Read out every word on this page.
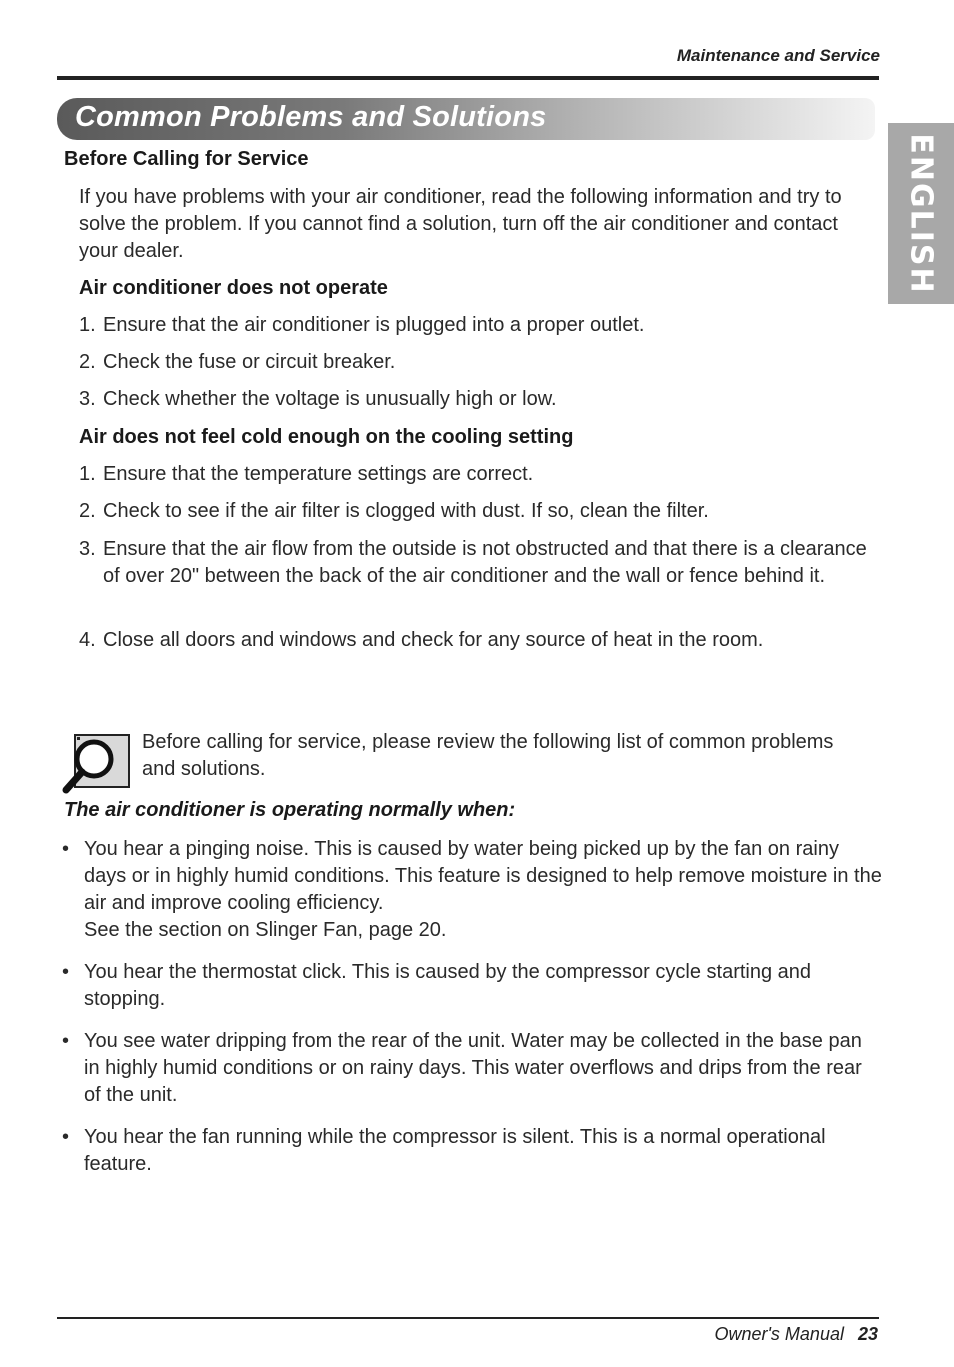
Maintenance and Service
Common Problems and Solutions
ENGLISH
Before Calling for Service
If you have problems with your air conditioner, read the following information and try to solve the problem. If you cannot find a solution, turn off the air conditioner and contact your dealer.
Air conditioner does not operate
1. Ensure that the air conditioner is plugged into a proper outlet.
2. Check the fuse or circuit breaker.
3. Check whether the voltage is unusually high or low.
Air does not feel cold enough on the cooling setting
1. Ensure that the temperature settings are correct.
2. Check to see if the air filter is clogged with dust. If so, clean the filter.
3. Ensure that the air flow from the outside is not obstructed and that there is a clearance of over 20" between the back of the air conditioner and the wall or fence behind it.
4. Close all doors and windows and check for any source of heat in the room.
Before calling for service, please review the following list of common problems and solutions.
The air conditioner is operating normally when:
• You hear a pinging noise. This is caused by water being picked up by the fan on rainy days or in highly humid conditions. This feature is designed to help remove moisture in the air and improve cooling efficiency.
See the section on Slinger Fan, page 20.
• You hear the thermostat click. This is caused by the compressor cycle starting and stopping.
• You see water dripping from the rear of the unit. Water may be collected in the base pan in highly humid conditions or on rainy days. This water overflows and drips from the rear of the unit.
• You hear the fan running while the compressor is silent. This is a normal operational feature.
Owner's Manual 23
